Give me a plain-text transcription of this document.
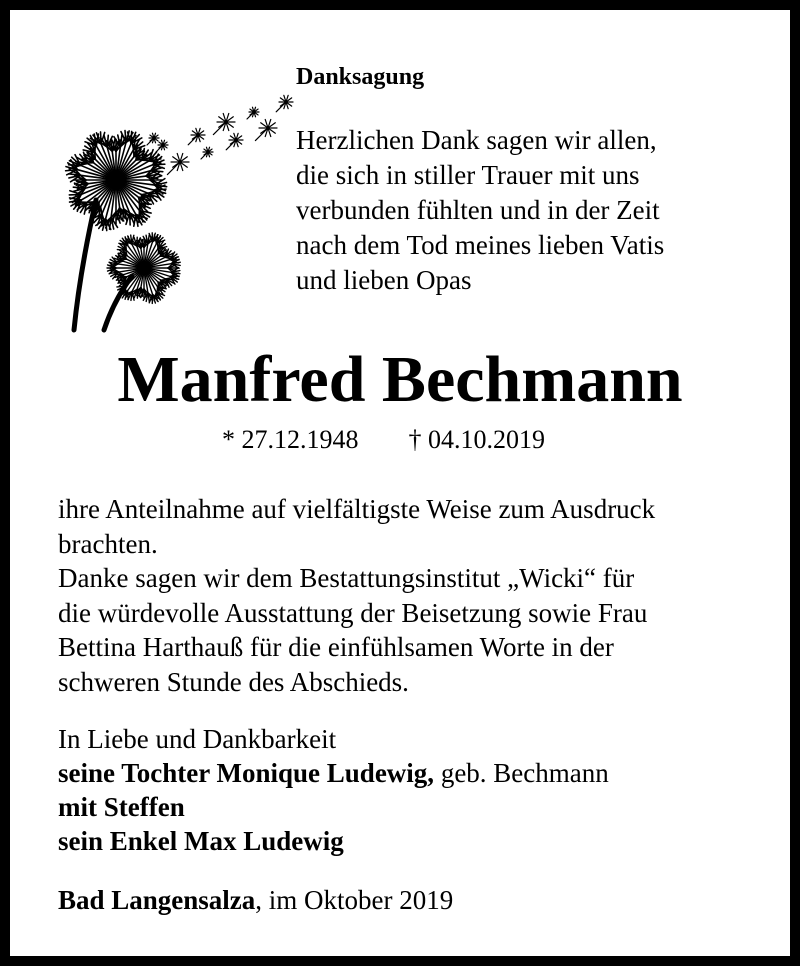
Danksagung
Herzlichen Dank sagen wir allen,
die sich in stiller Trauer mit uns
verbunden fühlten und in der Zeit
nach dem Tod meines lieben Vatis
und lieben Opas
Manfred Bechmann
* 27.12.1948 † 04.10.2019
ihre Anteilnahme auf vielfältigste Weise zum Ausdruck
brachten.
Danke sagen wir dem Bestattungsinstitut „Wicki“ für
die würdevolle Ausstattung der Beisetzung sowie Frau
Bettina Harthauß für die einfühlsamen Worte in der
schweren Stunde des Abschieds.
In Liebe und Dankbarkeit
seine Tochter Monique Ludewig, geb. Bechmann
mit Steffen
sein Enkel Max Ludewig
Bad Langensalza, im Oktober 2019
